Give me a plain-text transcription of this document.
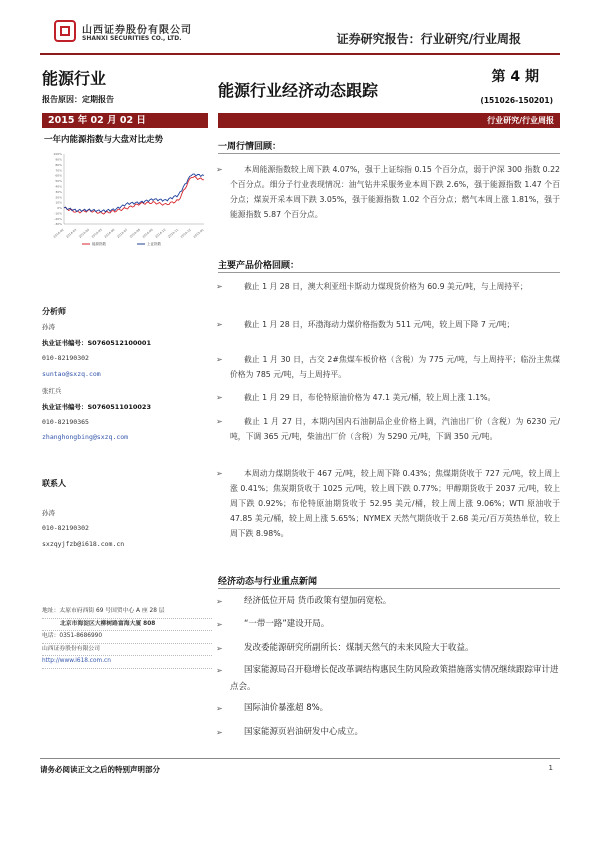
山西证券股份有限公司
SHANXI SECURITIES CO., LTD.	证券研究报告：行业研究/行业周报
能源行业
报告原因：定期报告	能源行业经济动态跟踪
第 4 期
(151026-150201)
2015 年 02 月 02 日	行业研究/行业周报
一年内能源指数与大盘对比走势
100%
90%
80%
70%
60%
50%
40%
30%
20%
10%
0%
-10%
-20%
-30%
2014-02 2014-03 2014-04 2014-05 2014-06 2014-07 2014-08 2014-09 2014-10 2014-11 2014-12 2015-01
能源指数	上证指数
分析师
孙涛
执业证书编号：S0760512100001
010-82190302
suntao@sxzq.com
张红兵
执业证书编号：S0760511010023
010-82190365
zhanghongbing@sxzq.com
联系人
孙涛
010-82190302
sxzqyjfzb@i618.com.cn
地址：太原市府西街 69 号国贸中心 A 座 28 层
北京市海淀区大柳树路富海大厦 808
电话：0351-8686990
山西证券股份有限公司
http://www.i618.com.cn
一周行情回顾：
➢	本周能源指数较上周下跌 4.07%，强于上证综指 0.15 个百分点，弱于沪深 300 指数 0.22 个百分点。细分子行业表现情况：油气钻井采服务业本周下跌 2.6%，强于能源指数 1.47 个百分点；煤炭开采本周下跌 3.05%，强于能源指数 1.02 个百分点；燃气本周上涨 1.81%，强于能源指数 5.87 个百分点。
主要产品价格回顾：
➢	截止 1 月 28 日，澳大利亚纽卡斯动力煤现货价格为 60.9 美元/吨，与上周持平；
➢	截止 1 月 28 日，环渤海动力煤价格指数为 511 元/吨，较上周下降 7 元/吨；
➢	截止 1 月 30 日，古交 2#焦煤车板价格（含税）为 775 元/吨，与上周持平；临汾主焦煤价格为 785 元/吨，与上周持平。
➢	截止 1 月 29 日，布伦特原油价格为 47.1 美元/桶，较上周上涨 1.1%。
➢	截止 1 月 27 日，本期内国内石油制品企业价格上调，汽油出厂价（含税）为 6230 元/吨，下调 365 元/吨，柴油出厂价（含税）为 5290 元/吨，下调 350 元/吨。
➢	本周动力煤期货收于 467 元/吨，较上周下降 0.43%；焦煤期货收于 727 元/吨，较上周上涨 0.41%；焦炭期货收于 1025 元/吨，较上周下跌 0.77%；甲醇期货收于 2037 元/吨，较上周下跌 0.92%；布伦特原油期货收于 52.95 美元/桶，较上周上涨 9.06%；WTI 原油收于 47.85 美元/桶，较上周上涨 5.65%；NYMEX 天然气期货收于 2.68 美元/百万英热单位，较上周下跌 8.98%。
经济动态与行业重点新闻
➢	经济低位开局 货币政策有望加码宽松。
➢	“一带一路”建设开局。
➢	发改委能源研究所副所长：煤制天然气的未来风险大于收益。
➢	国家能源局召开稳增长促改革调结构惠民生防风险政策措施落实情况继续跟踪审计进点会。
➢	国际油价暴涨超 8%。
➢	国家能源页岩油研发中心成立。
请务必阅读正文之后的特别声明部分	1
